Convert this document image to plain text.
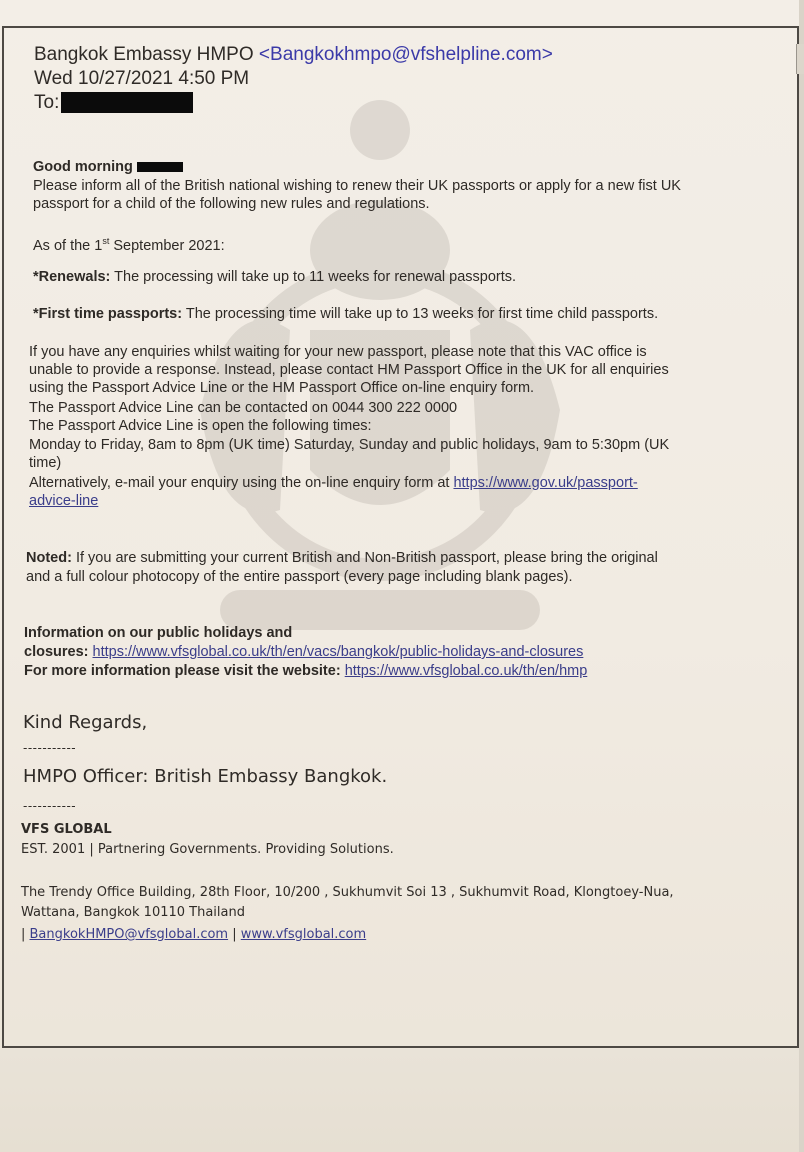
Bangkok Embassy HMPO <Bangkokhmpo@vfshelpline.com>
Wed 10/27/2021 4:50 PM
To:
Good morning
Please inform all of the British national wishing to renew their UK passports or apply for a new fist UK
passport for a child of the following new rules and regulations.
As of the 1st September 2021:
*Renewals: The processing will take up to 11 weeks for renewal passports.
*First time passports: The processing time will take up to 13 weeks for first time child passports.
If you have any enquiries whilst waiting for your new passport, please note that this VAC office is
unable to provide a response. Instead, please contact HM Passport Office in the UK for all enquiries
using the Passport Advice Line or the HM Passport Office on-line enquiry form.
The Passport Advice Line can be contacted on 0044 300 222 0000
The Passport Advice Line is open the following times:
Monday to Friday, 8am to 8pm (UK time) Saturday, Sunday and public holidays, 9am to 5:30pm (UK
time)
Alternatively, e-mail your enquiry using the on-line enquiry form at https://www.gov.uk/passport-
advice-line
Noted: If you are submitting your current British and Non-British passport, please bring the original
and a full colour photocopy of the entire passport (every page including blank pages).
Information on our public holidays and
closures: https://www.vfsglobal.co.uk/th/en/vacs/bangkok/public-holidays-and-closures
For more information please visit the website: https://www.vfsglobal.co.uk/th/en/hmp
Kind Regards,
-----------
HMPO Officer: British Embassy Bangkok.
-----------
VFS GLOBAL
EST. 2001 | Partnering Governments. Providing Solutions.
The Trendy Office Building, 28th Floor, 10/200 , Sukhumvit Soi 13 , Sukhumvit Road, Klongtoey-Nua,
Wattana, Bangkok 10110 Thailand
| BangkokHMPO@vfsglobal.com | www.vfsglobal.com
